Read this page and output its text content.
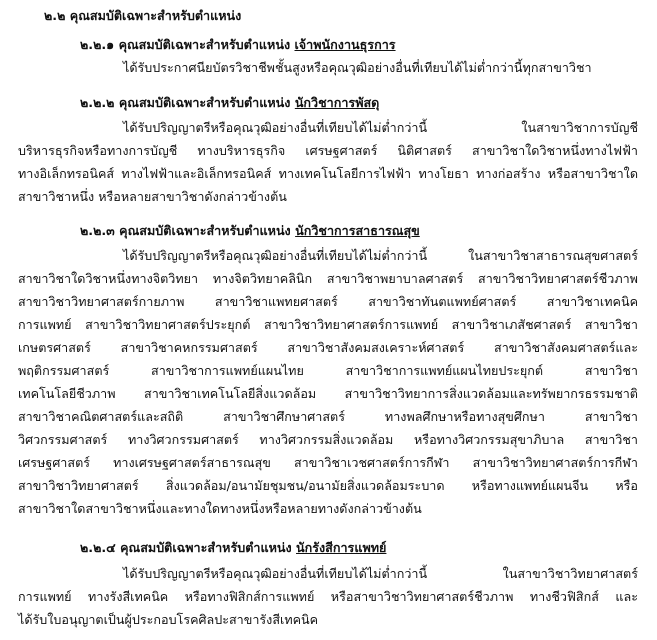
๒.๒ คุณสมบัติเฉพาะสำหรับตำแหน่ง
๒.๒.๑ คุณสมบัติเฉพาะสำหรับตำแหน่ง เจ้าพนักงานธุรการ
ได้รับประกาศนียบัตรวิชาชีพชั้นสูงหรือคุณวุฒิอย่างอื่นที่เทียบได้ไม่ต่ำกว่านี้ทุกสาขาวิชา
๒.๒.๒ คุณสมบัติเฉพาะสำหรับตำแหน่ง นักวิชาการพัสดุ
ได้รับปริญญาตรีหรือคุณวุฒิอย่างอื่นที่เทียบได้ไม่ต่ำกว่านี้ ในสาขาวิชาการบัญชี
บริหารธุรกิจหรือทางการบัญชี ทางบริหารธุรกิจ เศรษฐศาสตร์ นิติศาสตร์ สาขาวิชาใดวิชาหนึ่งทางไฟฟ้า
ทางอิเล็กทรอนิคส์ ทางไฟฟ้าและอิเล็กทรอนิคส์ ทางเทคโนโลยีการไฟฟ้า ทางโยธา ทางก่อสร้าง หรือสาขาวิชาใด
สาขาวิชาหนึ่ง หรือหลายสาขาวิชาดังกล่าวข้างต้น
๒.๒.๓ คุณสมบัติเฉพาะสำหรับตำแหน่ง นักวิชาการสาธารณสุข
ได้รับปริญญาตรีหรือคุณวุฒิอย่างอื่นที่เทียบได้ไม่ต่ำกว่านี้ ในสาขาวิชาสาธารณสุขศาสตร์
สาขาวิชาใดวิชาหนึ่งทางจิตวิทยา ทางจิตวิทยาคลินิก สาขาวิชาพยาบาลศาสตร์ สาขาวิชาวิทยาศาสตร์ชีวภาพ
สาขาวิชาวิทยาศาสตร์กายภาพ สาขาวิชาแพทยศาสตร์ สาขาวิชาทันตแพทย์ศาสตร์ สาขาวิชาเทคนิค
การแพทย์ สาขาวิชาวิทยาศาสตร์ประยุกต์ สาขาวิชาวิทยาศาสตร์การแพทย์ สาขาวิชาเภสัชศาสตร์ สาขาวิชา
เกษตรศาสตร์ สาขาวิชาคหกรรมศาสตร์ สาขาวิชาสังคมสงเคราะห์ศาสตร์ สาขาวิชาสังคมศาสตร์และ
พฤติกรรมศาสตร์ สาขาวิชาการแพทย์แผนไทย สาขาวิชาการแพทย์แผนไทยประยุกต์ สาขาวิชา
เทคโนโลยีชีวภาพ สาขาวิชาเทคโนโลยีสิ่งแวดล้อม สาขาวิชาวิทยาการสิ่งแวดล้อมและทรัพยากรธรรมชาติ
สาขาวิชาคณิตศาสตร์และสถิติ สาขาวิชาศึกษาศาสตร์ ทางพลศึกษาหรือทางสุขศึกษา สาขาวิชา
วิศวกรรมศาสตร์ ทางวิศวกรรมศาสตร์ ทางวิศวกรรมสิ่งแวดล้อม หรือทางวิศวกรรมสุขาภิบาล สาขาวิชา
เศรษฐศาสตร์ ทางเศรษฐศาสตร์สาธารณสุข สาขาวิชาเวชศาสตร์การกีฬา สาขาวิชาวิทยาศาสตร์การกีฬา
สาขาวิชาวิทยาศาสตร์ สิ่งแวดล้อม/อนามัยชุมชน/อนามัยสิ่งแวดล้อมระบาด หรือทางแพทย์แผนจีน หรือ
สาขาวิชาใดสาขาวิชาหนึ่งและทางใดทางหนึ่งหรือหลายทางดังกล่าวข้างต้น
๒.๒.๔ คุณสมบัติเฉพาะสำหรับตำแหน่ง นักรังสีการแพทย์
ได้รับปริญญาตรีหรือคุณวุฒิอย่างอื่นที่เทียบได้ไม่ต่ำกว่านี้ ในสาขาวิชาวิทยาศาสตร์
การแพทย์ ทางรังสีเทคนิค หรือทางฟิสิกส์การแพทย์ หรือสาขาวิชาวิทยาศาสตร์ชีวภาพ ทางชีวฟิสิกส์ และ
ได้รับใบอนุญาตเป็นผู้ประกอบโรคศิลปะสาขารังสีเทคนิค
